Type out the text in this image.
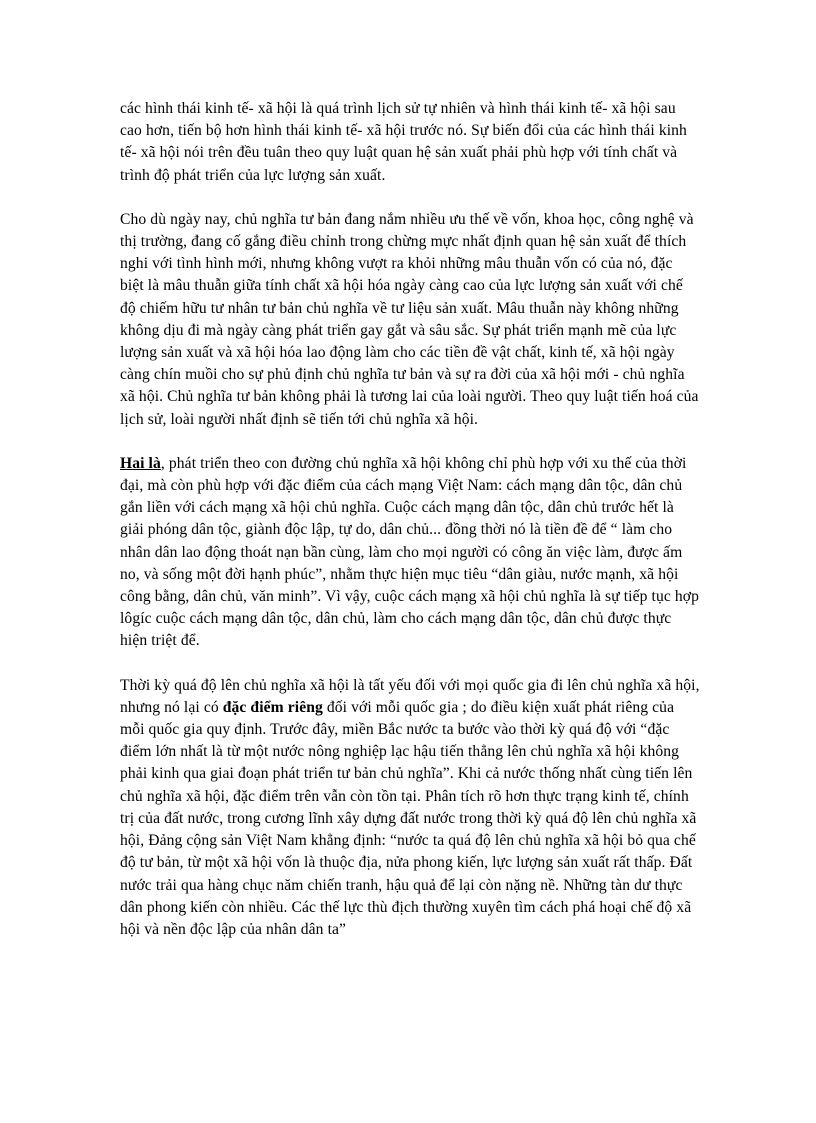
các hình thái kinh tế- xã hội là quá trình lịch sử tự nhiên và hình thái kinh tế- xã hội sau cao hơn, tiến bộ hơn hình thái kinh tế- xã hội trước nó. Sự biến đổi của các hình thái kinh tế- xã hội nói trên đều tuân theo quy luật quan hệ sản xuất phải phù hợp với tính chất và trình độ phát triển của lực lượng sản xuất.

Cho dù ngày nay, chủ nghĩa tư bản đang nắm nhiều ưu thế về vốn, khoa học, công nghệ và thị trường, đang cố gắng điều chỉnh trong chừng mực nhất định quan hệ sản xuất để thích nghi với tình hình mới, nhưng không vượt ra khỏi những mâu thuẫn vốn có của nó, đặc biệt là mâu thuẫn giữa tính chất xã hội hóa ngày càng cao của lực lượng sản xuất với chế độ chiếm hữu tư nhân tư bản chủ nghĩa về tư liệu sản xuất. Mâu thuẫn này không những không dịu đi mà ngày càng phát triển gay gắt và sâu sắc. Sự phát triển mạnh mẽ của lực lượng sản xuất và xã hội hóa lao động làm cho các tiền đề vật chất, kinh tế, xã hội ngày càng chín muồi cho sự phủ định chủ nghĩa tư bản và sự ra đời của xã hội mới - chủ nghĩa xã hội. Chủ nghĩa tư bản không phải là tương lai của loài người. Theo quy luật tiến hoá của lịch sử, loài người nhất định sẽ tiến tới chủ nghĩa xã hội.

Hai là, phát triển theo con đường chủ nghĩa xã hội không chỉ phù hợp với xu thế của thời đại, mà còn phù hợp với đặc điểm của cách mạng Việt Nam: cách mạng dân tộc, dân chủ gắn liền với cách mạng xã hội chủ nghĩa. Cuộc cách mạng dân tộc, dân chủ trước hết là giải phóng dân tộc, giành độc lập, tự do, dân chủ... đồng thời nó là tiền đề để “ làm cho nhân dân lao động thoát nạn bần cùng, làm cho mọi người có công ăn việc làm, được ấm no, và sống một đời hạnh phúc”, nhằm thực hiện mục tiêu “dân giàu, nước mạnh, xã hội công bằng, dân chủ, văn minh”. Vì vậy, cuộc cách mạng xã hội chủ nghĩa là sự tiếp tục hợp lôgíc cuộc cách mạng dân tộc, dân chủ, làm cho cách mạng dân tộc, dân chủ được thực hiện triệt để.

Thời kỳ quá độ lên chủ nghĩa xã hội là tất yếu đối với mọi quốc gia đi lên chủ nghĩa xã hội, nhưng nó lại có đặc điểm riêng đối với mỗi quốc gia ; do điều kiện xuất phát riêng của mỗi quốc gia quy định. Trước đây, miền Bắc nước ta bước vào thời kỳ quá độ với “đặc điểm lớn nhất là từ một nước nông nghiệp lạc hậu tiến thẳng lên chủ nghĩa xã hội không phải kinh qua giai đoạn phát triển tư bản chủ nghĩa”. Khi cả nước thống nhất cùng tiến lên chủ nghĩa xã hội, đặc điểm trên vẫn còn tồn tại. Phân tích rõ hơn thực trạng kinh tế, chính trị của đất nước, trong cương lĩnh xây dựng đất nước trong thời kỳ quá độ lên chủ nghĩa xã hội, Đảng cộng sản Việt Nam khẳng định: “nước ta quá độ lên chủ nghĩa xã hội bỏ qua chế độ tư bản, từ một xã hội vốn là thuộc địa, nửa phong kiến, lực lượng sản xuất rất thấp. Đất nước trải qua hàng chục năm chiến tranh, hậu quả để lại còn nặng nề. Những tàn dư thực dân phong kiến còn nhiều. Các thế lực thù địch thường xuyên tìm cách phá hoại chế độ xã hội và nền độc lập của nhân dân ta”
